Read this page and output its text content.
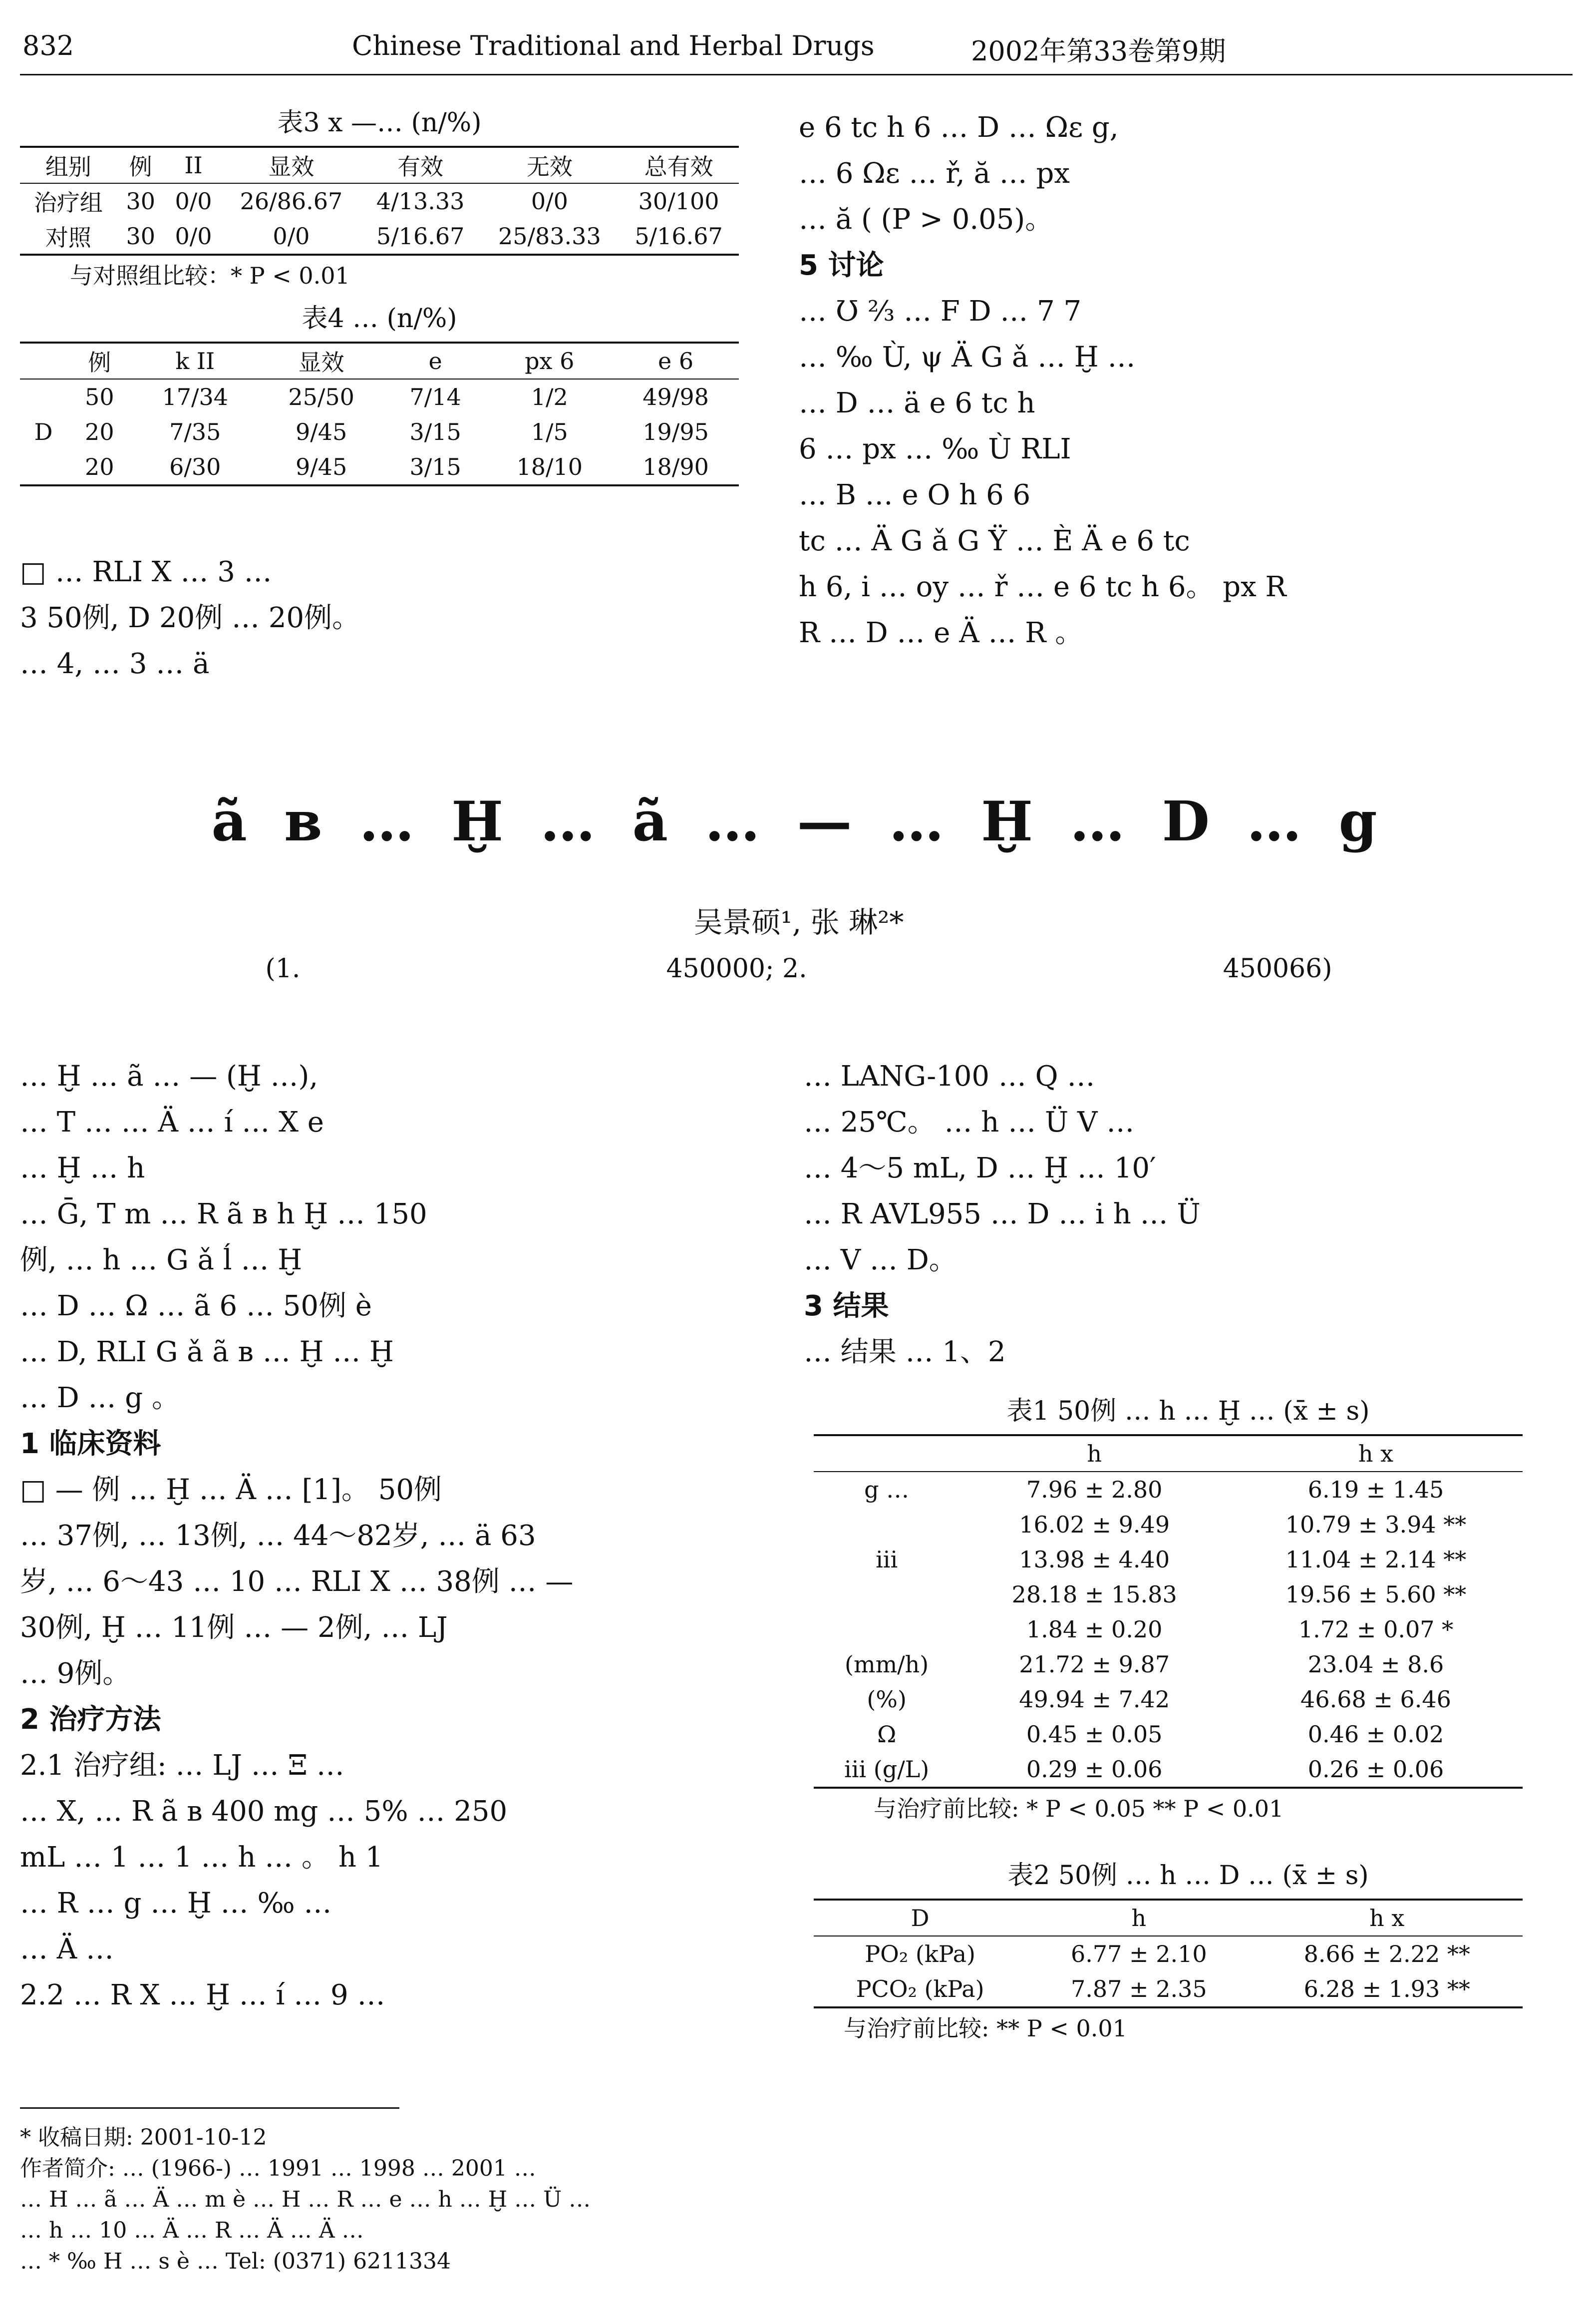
832	Chinese Traditional and Herbal Drugs	2002年第33卷第9期
表3 x —… (n/%)
组别	例	II	显效	有效	无效	总有效
治疗组	30	0/0	26/86.67	4/13.33	0/0	30/100
对照	30	0/0	0/0	5/16.67	25/83.33	5/16.67
与对照组比较：* P < 0.01
表4 … (n/%)
	例	k II	显效	e	px 6	e 6
	50	17/34	25/50	7/14	1/2	49/98
D	20	7/35	9/45	3/15	1/5	19/95
	20	6/30	9/45	3/15	18/10	18/90

□ … RLI X … 3 …

3 50例, D 20例 … 20例。

… 4, … 3 … ä

e 6 tc h 6 … D … Ωε g,

… 6 Ωε … ř, ă … px

… ă ( (P > 0.05)。

5 讨论

… Ʊ ⅔ … F D … 7 7

… ‰ Ù, ψ Ä G ǎ … Ḫ …

… D … ä e 6 tc h

6 … px … ‰ Ù RLI

… B … e O h 6 6

tc … Ä G ǎ G Ÿ … È Ä e 6 tc

h 6, i … oy … ř … e 6 tc h 6。 px R

R … D … e Ä … R 。

ã в … Ḫ … ã … — … Ḫ … D … g
吴景硕¹, 张 琳²*
(1.	450000; 2.	450066)

… Ḫ … ã … — (Ḫ …),

… T … … Ä … í … X e

… Ḫ … h

… Ḡ, T m … R ã в h Ḫ … 150

例, … h … G ǎ ĺ … Ḫ

… D … Ω … ã 6 … 50例 è

… D, RLI G ǎ ã в … Ḫ … Ḫ

… D … g 。

1 临床资料

□ — 例 … Ḫ … Ä … [1]。 50例

… 37例, … 13例, … 44～82岁, … ä 63

岁, … 6～43 … 10 … RLI X … 38例 … —

30例, Ḫ … 11例 … — 2例, … LJ

… 9例。

2 治疗方法

2.1 治疗组: … LJ … Ξ …

… X, … R ã в 400 mg … 5% … 250

mL … 1 … 1 … h … 。 h 1

… R … g … Ḫ … ‰ …

… Ä …

2.2 … R X … Ḫ … í … 9 …

… LANG-100 … Q …

… 25℃。 … h … Ü V …

… 4～5 mL, D … Ḫ … 10′

… R AVL955 … D … i h … Ü

… V … D。

3 结果

… 结果 … 1、2

表1 50例 … h … Ḫ … (x̄ ± s)
	h	h x
g …	7.96 ± 2.80	6.19 ± 1.45
	16.02 ± 9.49	10.79 ± 3.94 **
iii	13.98 ± 4.40	11.04 ± 2.14 **
	28.18 ± 15.83	19.56 ± 5.60 **
	1.84 ± 0.20	1.72 ± 0.07 *
(mm/h)	21.72 ± 9.87	23.04 ± 8.6
(%)	49.94 ± 7.42	46.68 ± 6.46
Ω	0.45 ± 0.05	0.46 ± 0.02
iii (g/L)	0.29 ± 0.06	0.26 ± 0.06
与治疗前比较: * P < 0.05 ** P < 0.01
表2 50例 … h … D … (x̄ ± s)
D	h	h x
PO₂ (kPa)	6.77 ± 2.10	8.66 ± 2.22 **
PCO₂ (kPa)	7.87 ± 2.35	6.28 ± 1.93 **
与治疗前比较: ** P < 0.01
* 收稿日期: 2001-10-12
作者简介: … (1966-) … 1991 … 1998 … 2001 …
… H … ã … Ä … m è … H … R … e … h … Ḫ … Ü …
… h … 10 … Ä … R … Ä … Ä …
… * ‰ H … s è … Tel: (0371) 6211334
